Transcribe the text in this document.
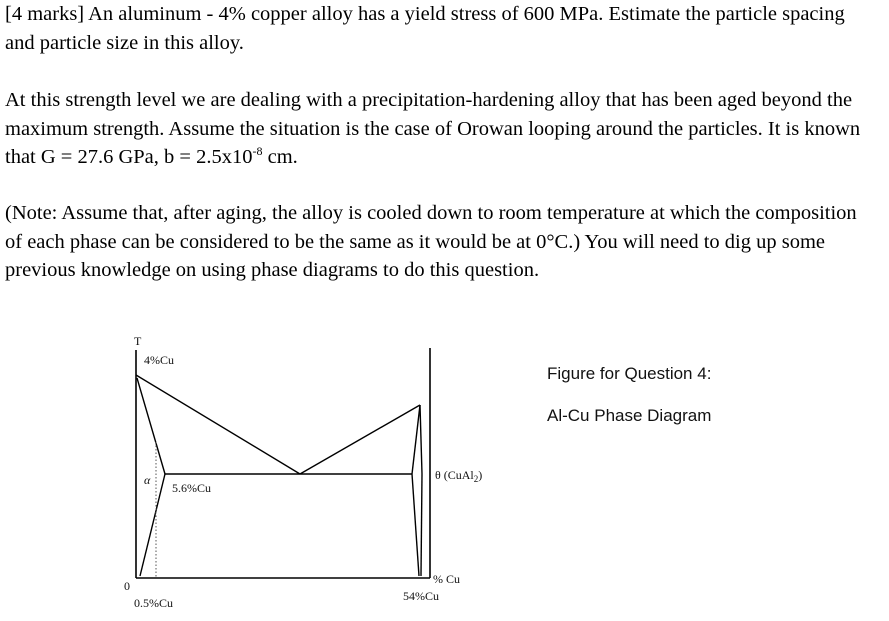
[4 marks] An aluminum - 4% copper alloy has a yield stress of 600 MPa. Estimate the particle spacing and particle size in this alloy.

At this strength level we are dealing with a precipitation-hardening alloy that has been aged beyond the maximum strength. Assume the situation is the case of Orowan looping around the particles. It is known that G = 27.6 GPa, $b = 2.5x10^{-8}$ cm.

(Note: Assume that, after aging, the alloy is cooled down to room temperature at which the composition of each phase can be considered to be the same as it would be at 0°C.) You will need to dig up some previous knowledge on using phase diagrams to do this question.

T
4%Cu
α
5.6%Cu
θ (CuAl$_2$)
0	% Cu
0.5%Cu	54%Cu
Figure for Question 4:
Al-Cu Phase Diagram
